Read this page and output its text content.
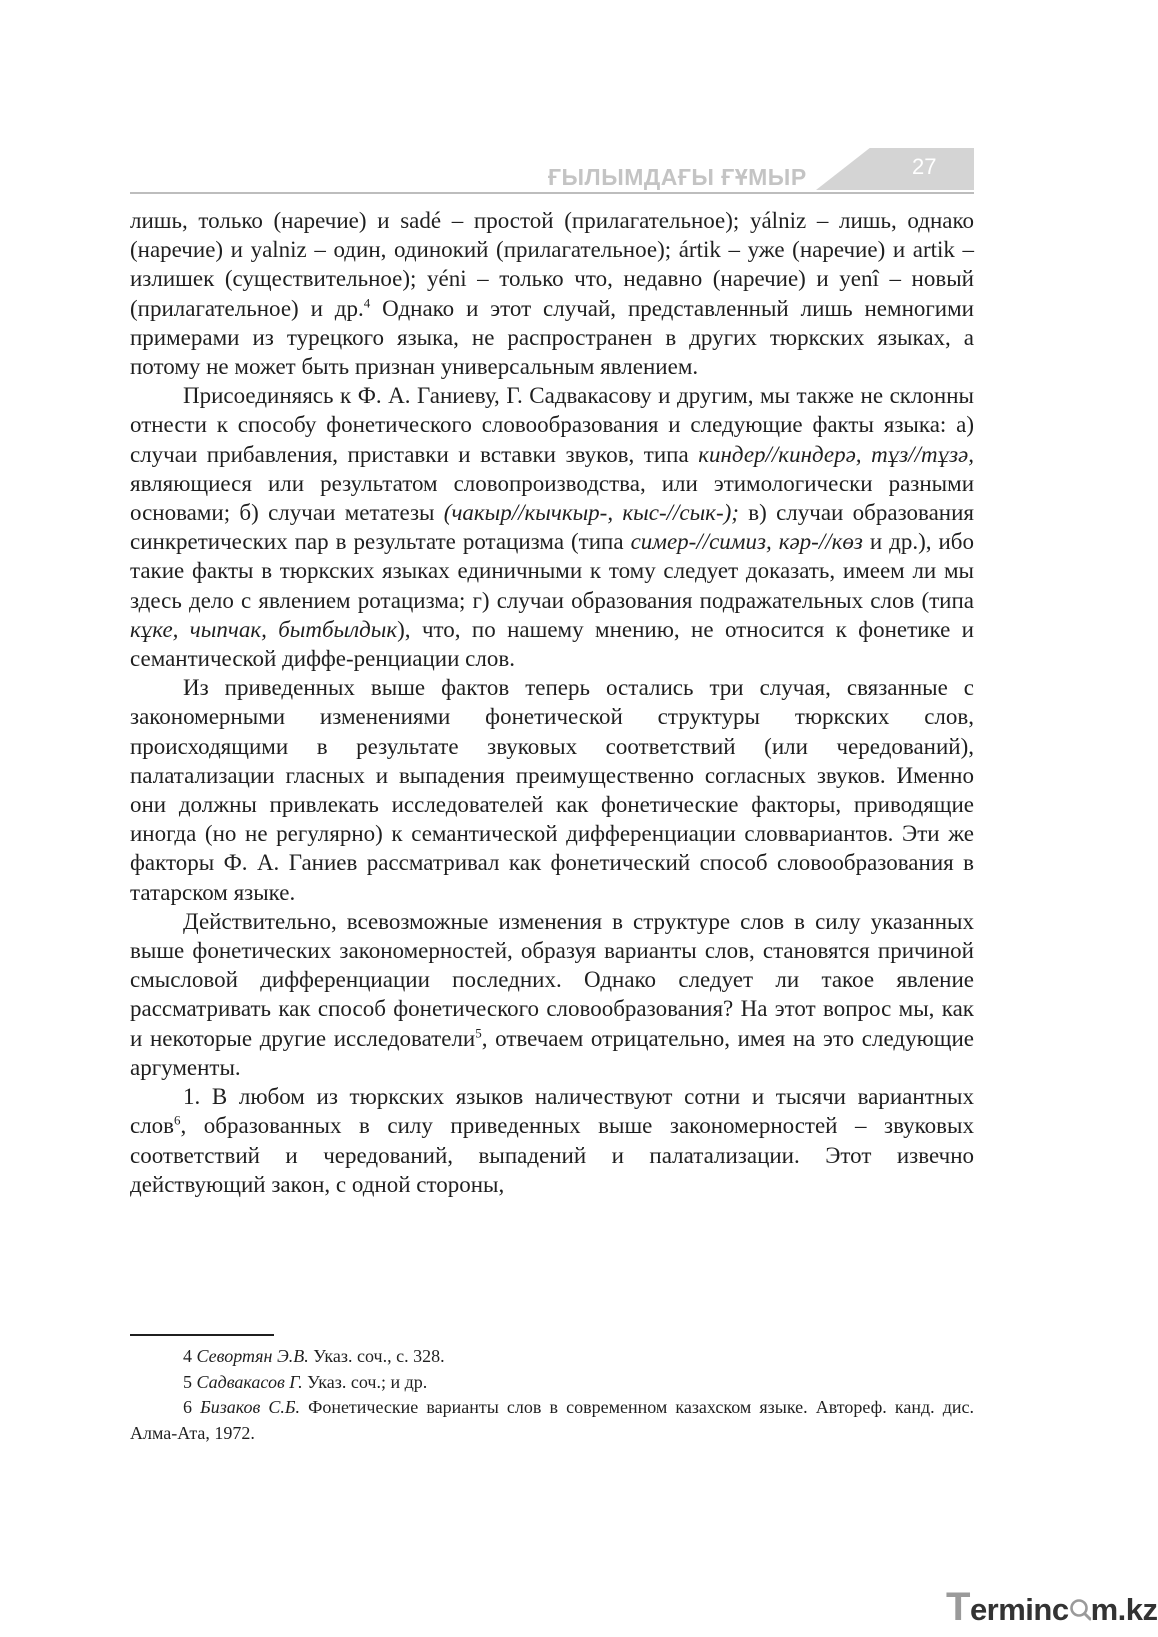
ҒЫЛЫМДАҒЫ ҒҰМЫР	27

лишь, только (наречие) и sadé – простой (прилагательное); yálniz – лишь, однако (наречие) и yalniz – один, одинокий (прилагательное); ártik – уже (наречие) и artik – излишек (существительное); yéni – только что, недавно (наречие) и yenî – новый (прилагательное) и др.$^4$ Однако и этот случай, представленный лишь немногими примерами из турецкого языка, не распространен в других тюркских языках, а потому не может быть признан универсальным явлением.

Присоединяясь к Ф. А. Ганиеву, Г. Садвакасову и другим, мы также не склонны отнести к способу фонетического словообразования и следующие факты языка: а) случаи прибавления, приставки и вставки звуков, типа киндер//киндерә, тұз//тұзә, являющиеся или результатом словопроизводства, или этимологически разными основами; б) случаи метатезы (чакыр//кычкыр-, кыс-//сык-); в) случаи образования синкретических пар в результате ротацизма (типа симер-//симиз, кәр-//көз и др.), ибо такие факты в тюркских языках единичными к тому следует доказать, имеем ли мы здесь дело с явлением ротацизма; г) случаи образования подражательных слов (типа кұке, чыпчак, бытбылдык), что, по нашему мнению, не относится к фонетике и семантической диффе-ренциации слов.

Из приведенных выше фактов теперь остались три случая, связанные с закономерными изменениями фонетической структуры тюркских слов, происходящими в результате звуковых соответствий (или чередований), палатализации гласных и выпадения преимущественно согласных звуков. Именно они должны привлекать исследователей как фонетические факторы, приводящие иногда (но не регулярно) к семантической дифференциации словвариантов. Эти же факторы Ф. А. Ганиев рассматривал как фонетический способ словообразования в татарском языке.

Действительно, всевозможные изменения в структуре слов в силу указанных выше фонетических закономерностей, образуя варианты слов, становятся причиной смысловой дифференциации последних. Однако следует ли такое явление рассматривать как способ фонетического словообразования? На этот вопрос мы, как и некоторые другие исследователи$^5$, отвечаем отрицательно, имея на это следующие аргументы.

1. В любом из тюркских языков наличествуют сотни и тысячи вариантных слов$^6$, образованных в силу приведенных выше закономерностей – звуковых соответствий и чередований, выпадений и палатализации. Этот извечно действующий закон, с одной стороны,

4 Севортян Э.В. Указ. соч., с. 328.

5 Садвакасов Г. Указ. соч.; и др.

6 Бизаков С.Б. Фонетические варианты слов в современном казахском языке. Автореф. канд. дис. Алма-Ата, 1972.

Terminc m.kz
